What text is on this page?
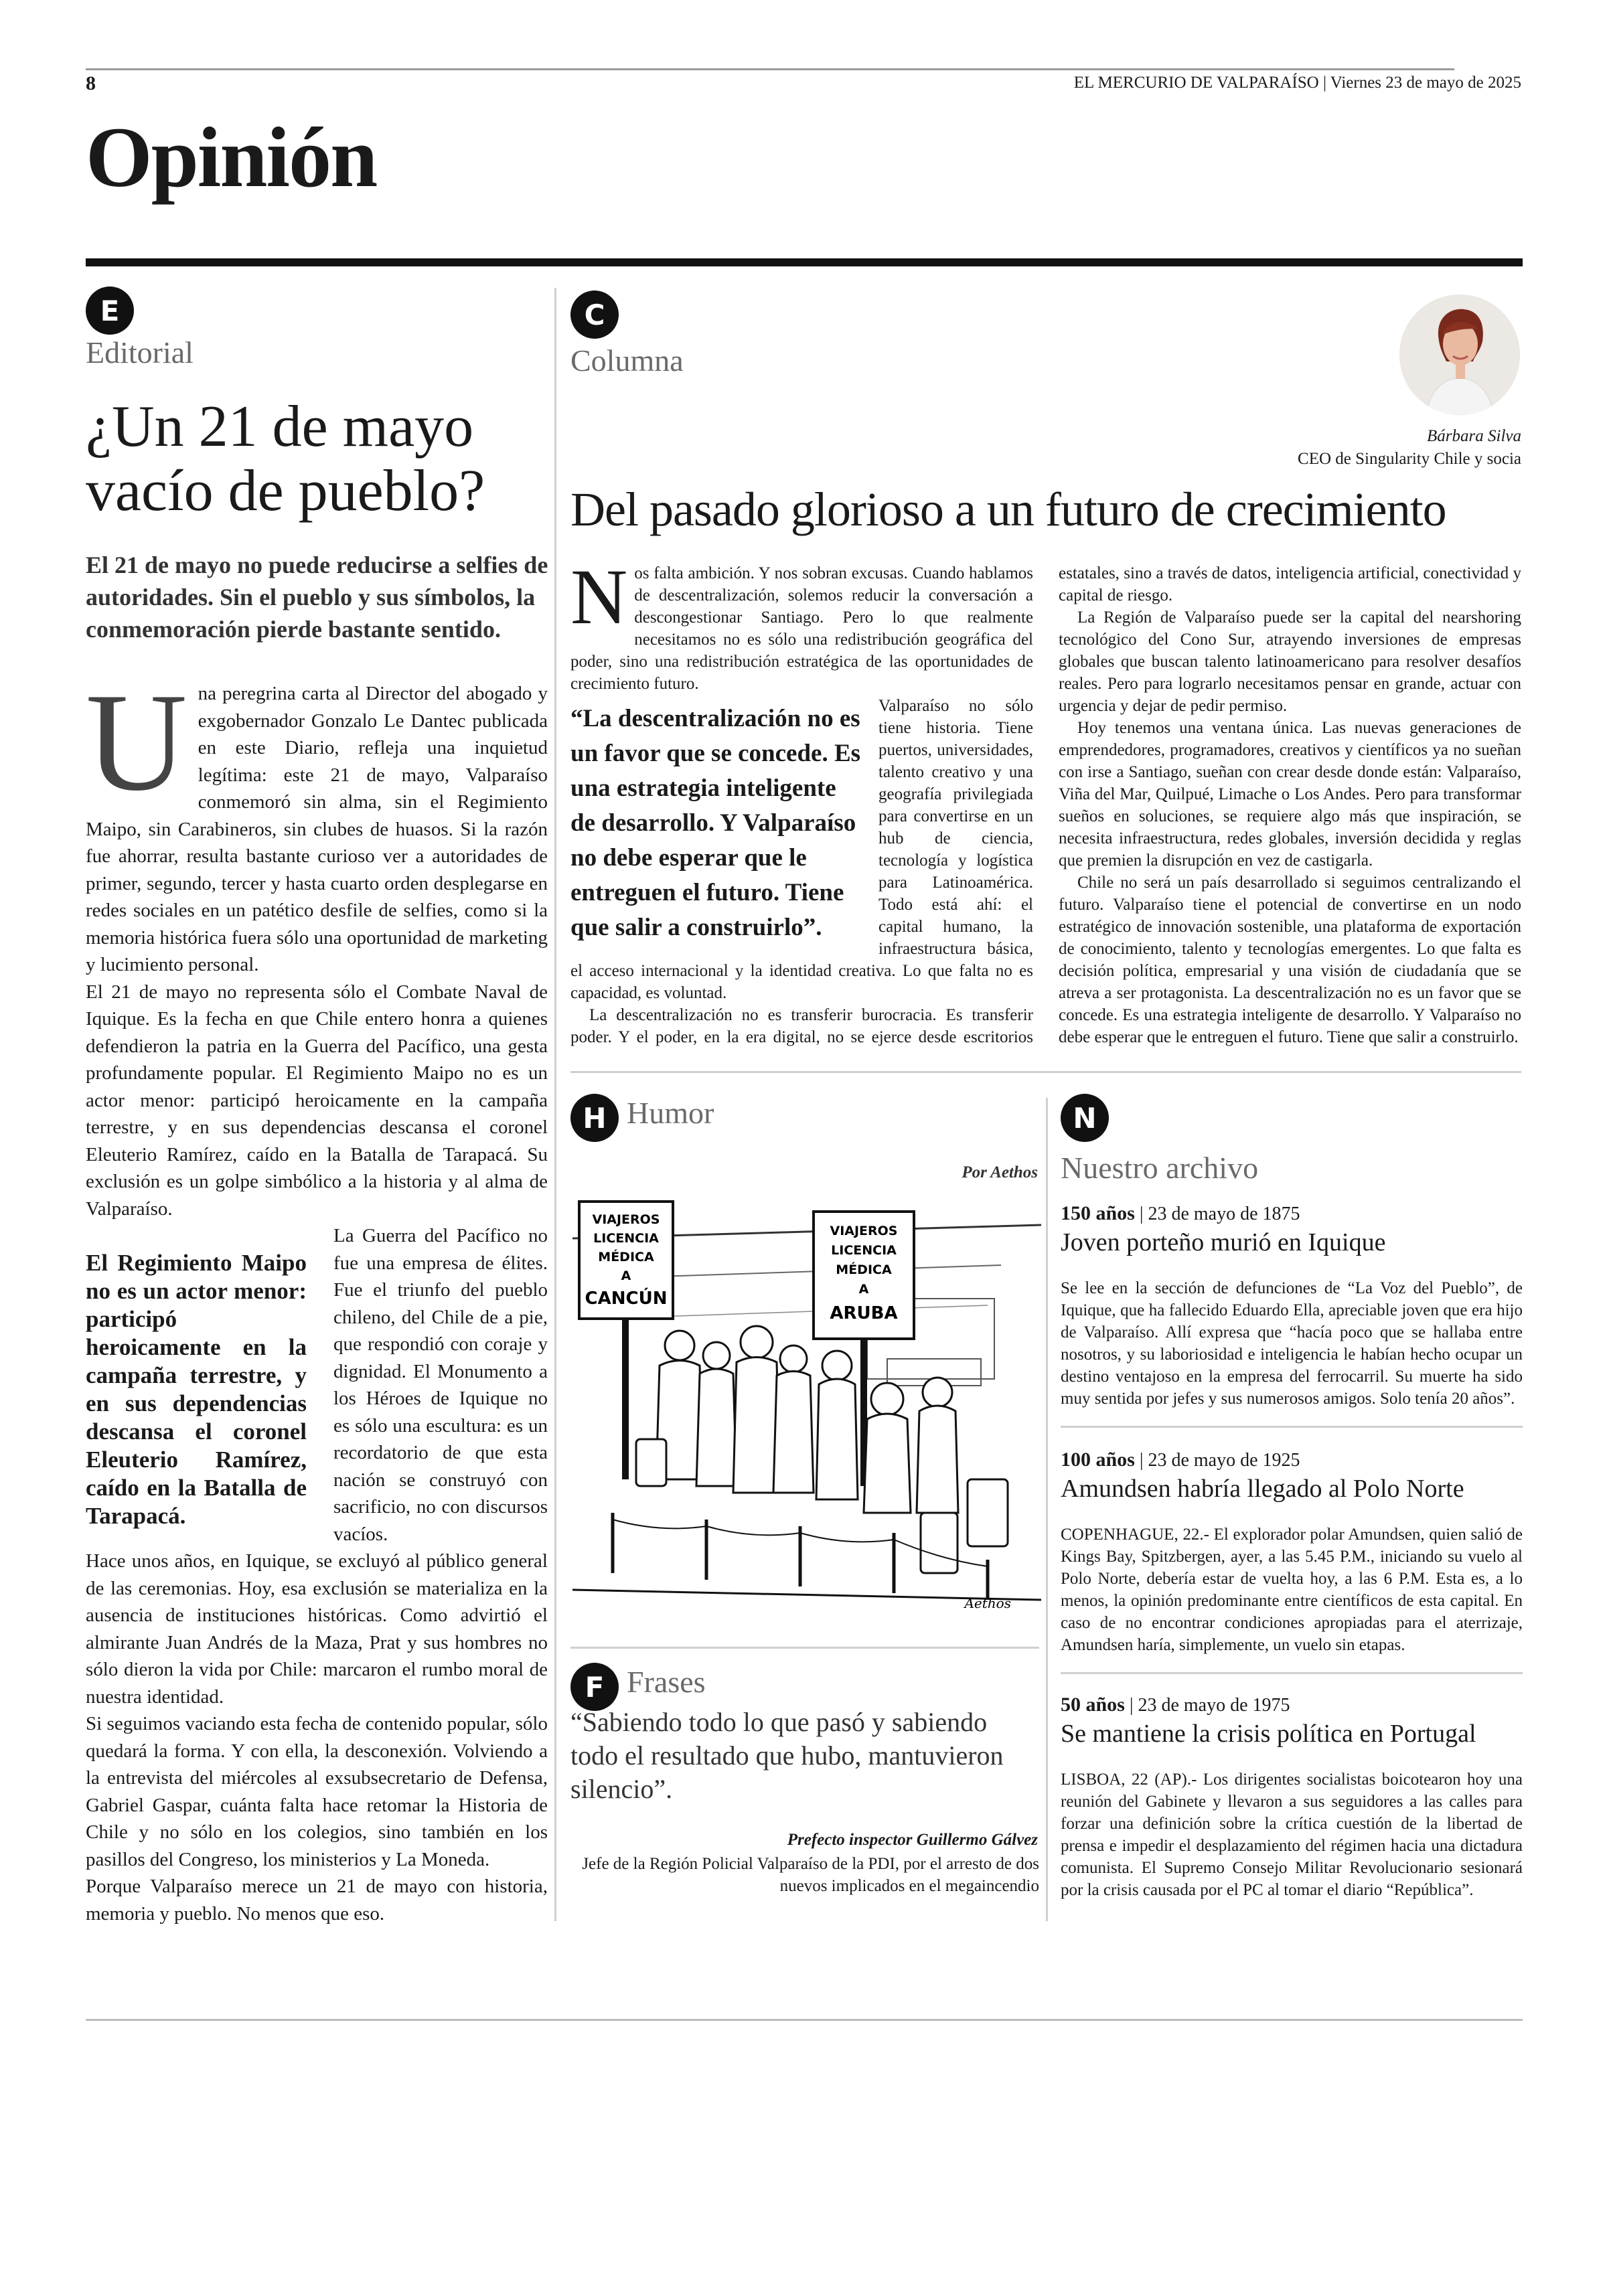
8	EL MERCURIO DE VALPARAÍSO | Viernes 23 de mayo de 2025
Opinión
E
Editorial
¿Un 21 de mayo vacío de pueblo?
El 21 de mayo no puede reducirse a selfies de autoridades. Sin el pueblo y sus símbolos, la conmemoración pierde bastante sentido.
U na peregrina carta al Director del abogado y exgobernador Gonzalo Le Dantec publicada en este Diario, refleja una inquietud legítima: este 21 de mayo, Valparaíso conmemoró sin alma, sin el Regimiento Maipo, sin Carabineros, sin clubes de huasos. Si la razón fue ahorrar, resulta bastante curioso ver a autoridades de primer, segundo, tercer y hasta cuarto orden desplegarse en redes sociales en un patético desfile de selfies, como si la memoria histórica fuera sólo una oportunidad de marketing y lucimiento personal.

El 21 de mayo no representa sólo el Combate Naval de Iquique. Es la fecha en que Chile entero honra a quienes defendieron la patria en la Guerra del Pacífico, una gesta profundamente popular. El Regimiento Maipo no es un actor menor: participó heroicamente en la campaña terrestre, y en sus dependencias descansa el coronel Eleuterio Ramírez, caído en la Batalla de Tarapacá. Su exclusión es un golpe simbólico a la historia y al alma de Valparaíso.

El Regimiento Maipo no es un actor menor: participó heroicamente en la campaña terrestre, y en sus dependencias descansa el coronel Eleuterio Ramírez, caído en la Batalla de Tarapacá.

La Guerra del Pacífico no fue una empresa de élites. Fue el triunfo del pueblo chileno, del Chile de a pie, que respondió con coraje y dignidad. El Monumento a los Héroes de Iquique no es sólo una escultura: es un recordatorio de que esta nación se construyó con sacrificio, no con discursos vacíos.

Hace unos años, en Iquique, se excluyó al público general de las ceremonias. Hoy, esa exclusión se materializa en la ausencia de instituciones históricas. Como advirtió el almirante Juan Andrés de la Maza, Prat y sus hombres no sólo dieron la vida por Chile: marcaron el rumbo moral de nuestra identidad.

Si seguimos vaciando esta fecha de contenido popular, sólo quedará la forma. Y con ella, la desconexión. Volviendo a la entrevista del miércoles al exsubsecretario de Defensa, Gabriel Gaspar, cuánta falta hace retomar la Historia de Chile y no sólo en los colegios, sino también en los pasillos del Congreso, los ministerios y La Moneda.

Porque Valparaíso merece un 21 de mayo con historia, memoria y pueblo. No menos que eso.

C
Columna
Bárbara Silva
CEO de Singularity Chile y socia
Del pasado glorioso a un futuro de crecimiento
N os falta ambición. Y nos sobran excusas. Cuando hablamos de descentralización, solemos reducir la conversación a descongestionar Santiago. Pero lo que realmente necesitamos no es sólo una redistribución geográfica del poder, sino una redistribución estratégica de las oportunidades de crecimiento futuro.

“La descentralización no es un favor que se concede. Es una estrategia inteligente de desarrollo. Y Valparaíso no debe esperar que le entreguen el futuro. Tiene que salir a construirlo”.

Valparaíso no sólo tiene historia. Tiene puertos, universidades, talento creativo y una geografía privilegiada para convertirse en un hub de ciencia, tecnología y logística para Latinoamérica. Todo está ahí: el capital humano, la infraestructura básica, el acceso internacional y la identidad creativa. Lo que falta no es capacidad, es voluntad.

La descentralización no es transferir burocracia. Es transferir poder. Y el poder, en la era digital, no se ejerce desde escritorios estatales, sino a través de datos, inteligencia artificial, conectividad y capital de riesgo.

La Región de Valparaíso puede ser la capital del nearshoring tecnológico del Cono Sur, atrayendo inversiones de empresas globales que buscan talento latinoamericano para resolver desafíos reales. Pero para lograrlo necesitamos pensar en grande, actuar con urgencia y dejar de pedir permiso.

Hoy tenemos una ventana única. Las nuevas generaciones de emprendedores, programadores, creativos y científicos ya no sueñan con irse a Santiago, sueñan con crear desde donde están: Valparaíso, Viña del Mar, Quilpué, Limache o Los Andes. Pero para transformar sueños en soluciones, se requiere algo más que inspiración, se necesita infraestructura, redes globales, inversión decidida y reglas que premien la disrupción en vez de castigarla.

Chile no será un país desarrollado si seguimos centralizando el futuro. Valparaíso tiene el potencial de convertirse en un nodo estratégico de innovación sostenible, una plataforma de exportación de conocimiento, talento y tecnologías emergentes. Lo que falta es decisión política, empresarial y una visión de ciudadanía que se atreva a ser protagonista. La descentralización no es un favor que se concede. Es una estrategia inteligente de desarrollo. Y Valparaíso no debe esperar que le entreguen el futuro. Tiene que salir a construirlo.

H Humor
Por Aethos
VIAJEROS
LICENCIA
MÉDICA
A
CANCÚN
VIAJEROS
LICENCIA
MÉDICA
A
ARUBA
Aethos
F Frases
“Sabiendo todo lo que pasó y sabiendo todo el resultado que hubo, mantuvieron silencio”.
Prefecto inspector Guillermo Gálvez
Jefe de la Región Policial Valparaíso de la PDI, por el arresto de dos nuevos implicados en el megaincendio
N
Nuestro archivo
150 años | 23 de mayo de 1875
Joven porteño murió en Iquique
Se lee en la sección de defunciones de “La Voz del Pueblo”, de Iquique, que ha fallecido Eduardo Ella, apreciable joven que era hijo de Valparaíso. Allí expresa que “hacía poco que se hallaba entre nosotros, y su laboriosidad e inteligencia le habían hecho ocupar un destino ventajoso en la empresa del ferrocarril. Su muerte ha sido muy sentida por jefes y sus numerosos amigos. Solo tenía 20 años”.
100 años | 23 de mayo de 1925
Amundsen habría llegado al Polo Norte
COPENHAGUE, 22.- El explorador polar Amundsen, quien salió de Kings Bay, Spitzbergen, ayer, a las 5.45 P.M., iniciando su vuelo al Polo Norte, debería estar de vuelta hoy, a las 6 P.M. Esta es, a lo menos, la opinión predominante entre científicos de esta capital. En caso de no encontrar condiciones apropiadas para el aterrizaje, Amundsen haría, simplemente, un vuelo sin etapas.
50 años | 23 de mayo de 1975
Se mantiene la crisis política en Portugal
LISBOA, 22 (AP).- Los dirigentes socialistas boicotearon hoy una reunión del Gabinete y llevaron a sus seguidores a las calles para forzar una definición sobre la crítica cuestión de la libertad de prensa e impedir el desplazamiento del régimen hacia una dictadura comunista. El Supremo Consejo Militar Revolucionario sesionará por la crisis causada por el PC al tomar el diario “República”.
